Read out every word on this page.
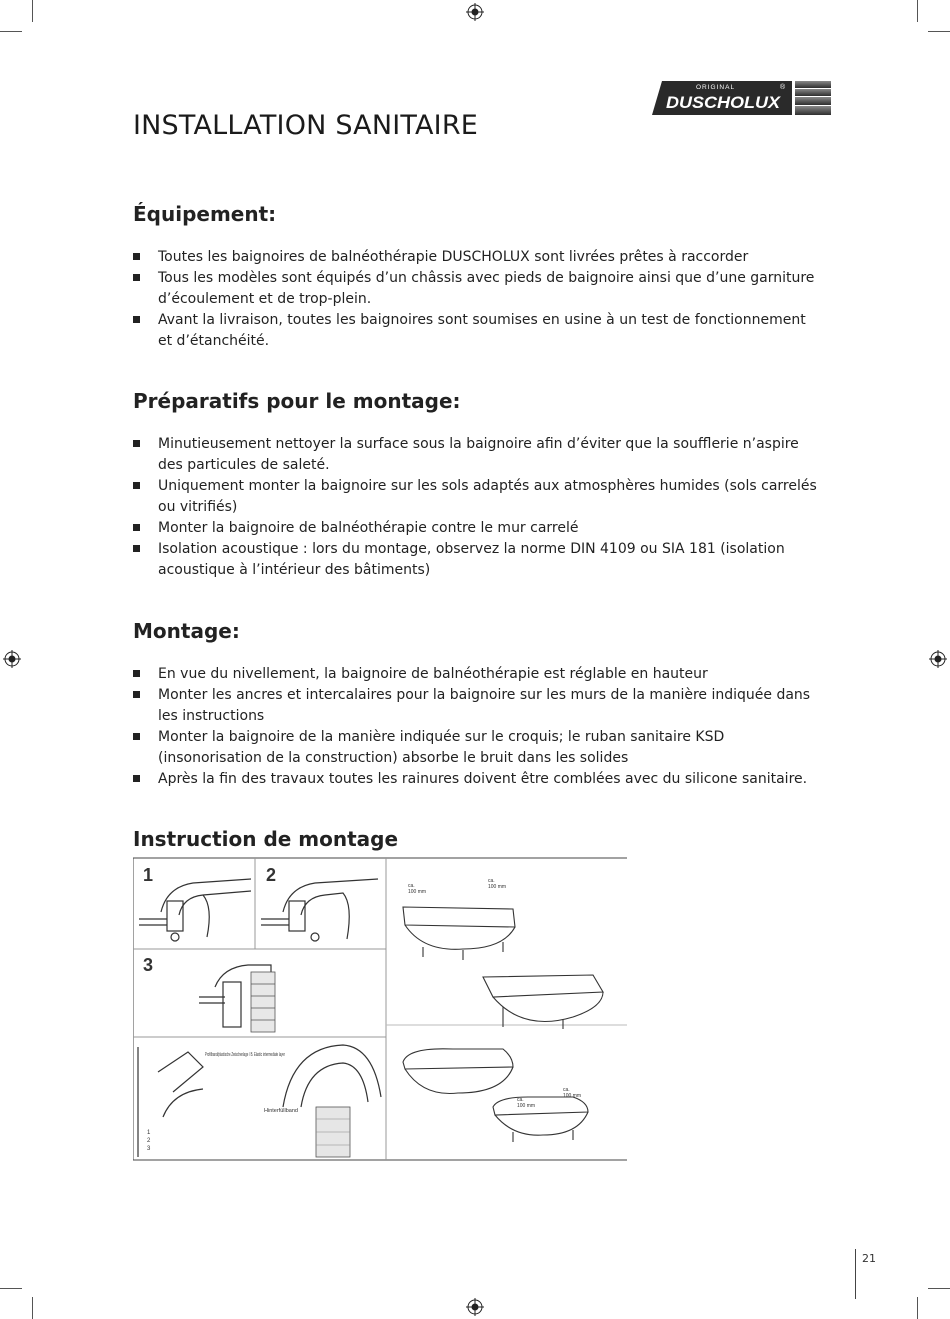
ORIGINAL	®
DUSCHOLUX
INSTALLATION SANITAIRE
Équipement:
Toutes les baignoires de balnéothérapie DUSCHOLUX sont livrées prêtes à raccorder
Tous les modèles sont équipés d’un châssis avec pieds de baignoire ainsi que d’une garniture d’écoulement et de trop-plein.
Avant la livraison, toutes les baignoires sont soumises en usine à un test de fonctionnement et d’étanchéité.
Préparatifs pour le montage:
Minutieusement nettoyer la surface sous la baignoire afin d’éviter que la soufflerie n’aspire des particules de saleté.
Uniquement monter la baignoire sur les sols adaptés aux atmosphères humides (sols carrelés ou vitrifiés)
Monter la baignoire de balnéothérapie contre le mur carrelé
Isolation acoustique : lors du montage, observez la norme DIN 4109 ou SIA 181 (isolation acoustique à l’intérieur des bâtiments)
Montage:
En vue du nivellement, la baignoire de balnéothérapie est réglable en hauteur
Monter les ancres et intercalaires pour la baignoire sur les murs de la manière indiquée dans les instructions
Monter la baignoire de la manière indiquée sur le croquis; le ruban sanitaire KSD (insonorisation de la construction) absorbe le bruit dans les solides
Après la fin des travaux toutes les rainures doivent être comblées avec du silicone sanitaire.
Instruction de montage
1	2
3
Profilband/plastische Zwischenlage / B. Elastic intermediate layer
Hinterfüllband
1
2
3
ca.
100 mm
ca.
100 mm
ca.
100 mm
ca.
100 mm
21
